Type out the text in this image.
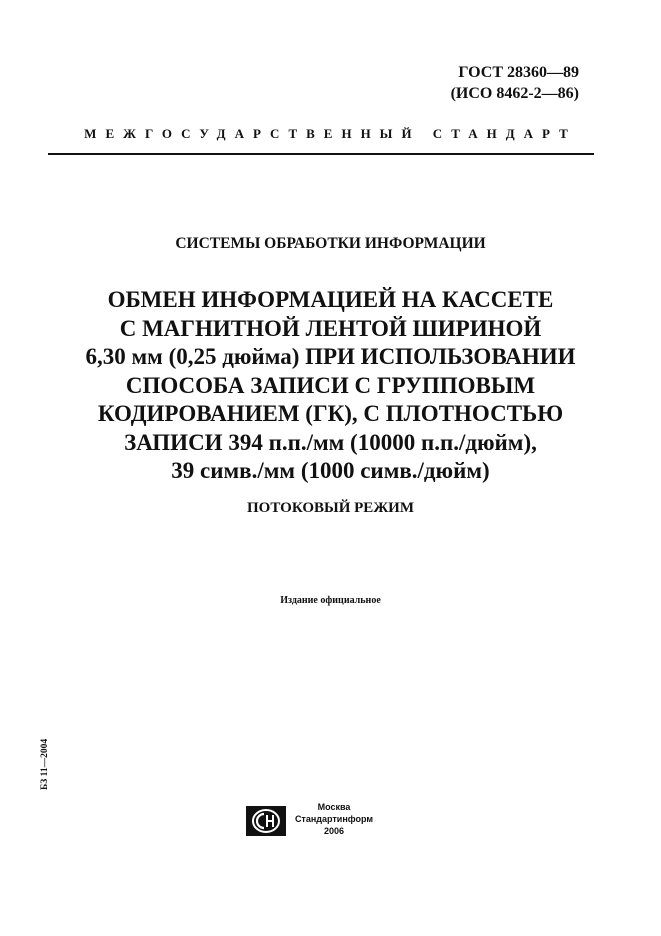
ГОСТ 28360—89
(ИСО 8462-2—86)
МЕЖГОСУДАРСТВЕННЫЙ СТАНДАРТ
СИСТЕМЫ ОБРАБОТКИ ИНФОРМАЦИИ
ОБМЕН ИНФОРМАЦИЕЙ НА КАССЕТЕ
С МАГНИТНОЙ ЛЕНТОЙ ШИРИНОЙ
6,30 мм (0,25 дюйма) ПРИ ИСПОЛЬЗОВАНИИ
СПОСОБА ЗАПИСИ С ГРУППОВЫМ
КОДИРОВАНИЕМ (ГК), С ПЛОТНОСТЬЮ
ЗАПИСИ 394 п.п./мм (10000 п.п./дюйм),
39 симв./мм (1000 симв./дюйм)
ПОТОКОВЫЙ РЕЖИМ
Издание официальное
БЗ 11—2004
Москва
Стандартинформ
2006
